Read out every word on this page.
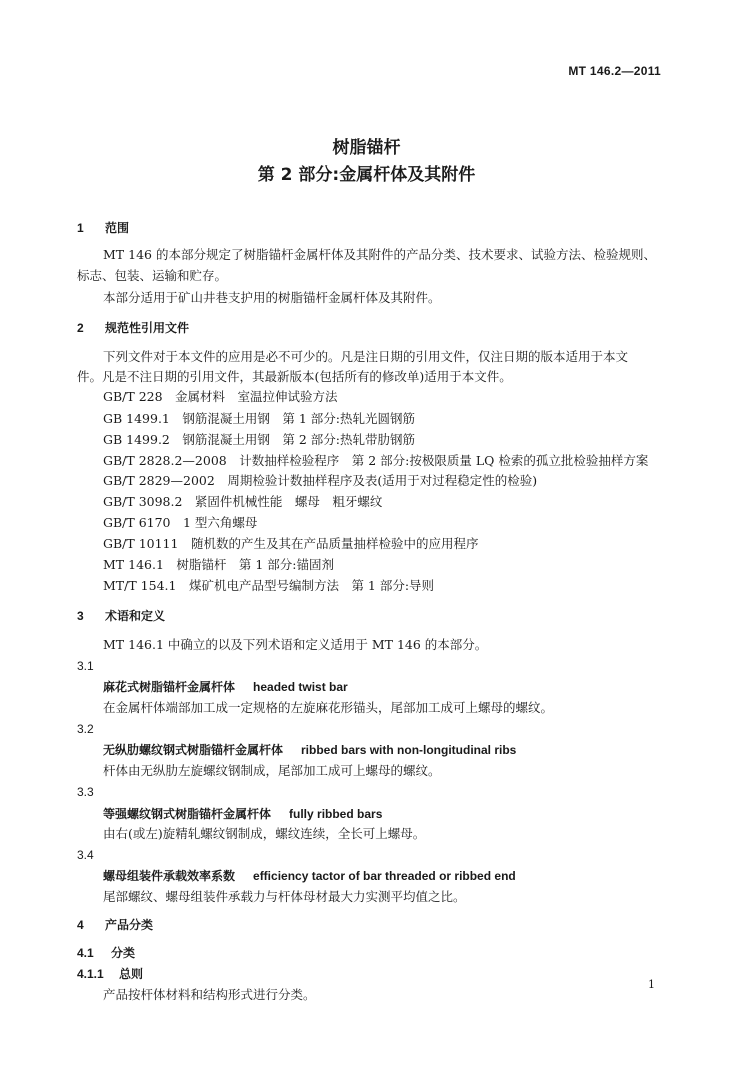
MT 146.2—2011
树脂锚杆
第 2 部分:金属杆体及其附件
1 范围
MT 146 的本部分规定了树脂锚杆金属杆体及其附件的产品分类、技术要求、试验方法、检验规则、
标志、包装、运输和贮存。
本部分适用于矿山井巷支护用的树脂锚杆金属杆体及其附件。
2 规范性引用文件
下列文件对于本文件的应用是必不可少的。凡是注日期的引用文件，仅注日期的版本适用于本文
件。凡是不注日期的引用文件，其最新版本(包括所有的修改单)适用于本文件。
GB/T 228　金属材料　室温拉伸试验方法
GB 1499.1　钢筋混凝土用钢　第 1 部分:热轧光圆钢筋
GB 1499.2　钢筋混凝土用钢　第 2 部分:热轧带肋钢筋
GB/T 2828.2—2008　计数抽样检验程序　第 2 部分:按极限质量 LQ 检索的孤立批检验抽样方案
GB/T 2829—2002　周期检验计数抽样程序及表(适用于对过程稳定性的检验)
GB/T 3098.2　紧固件机械性能　螺母　粗牙螺纹
GB/T 6170　1 型六角螺母
GB/T 10111　随机数的产生及其在产品质量抽样检验中的应用程序
MT 146.1　树脂锚杆　第 1 部分:锚固剂
MT/T 154.1　煤矿机电产品型号编制方法　第 1 部分:导则
3 术语和定义
MT 146.1 中确立的以及下列术语和定义适用于 MT 146 的本部分。
3.1
麻花式树脂锚杆金属杆体 headed twist bar
在金属杆体端部加工成一定规格的左旋麻花形锚头，尾部加工成可上螺母的螺纹。
3.2
无纵肋螺纹钢式树脂锚杆金属杆体 ribbed bars with non-longitudinal ribs
杆体由无纵肋左旋螺纹钢制成，尾部加工成可上螺母的螺纹。
3.3
等强螺纹钢式树脂锚杆金属杆体 fully ribbed bars
由右(或左)旋精轧螺纹钢制成，螺纹连续，全长可上螺母。
3.4
螺母组装件承载效率系数 efficiency tactor of bar threaded or ribbed end
尾部螺纹、螺母组装件承载力与杆体母材最大力实测平均值之比。
4 产品分类
4.1 分类
4.1.1 总则
产品按杆体材料和结构形式进行分类。
1
